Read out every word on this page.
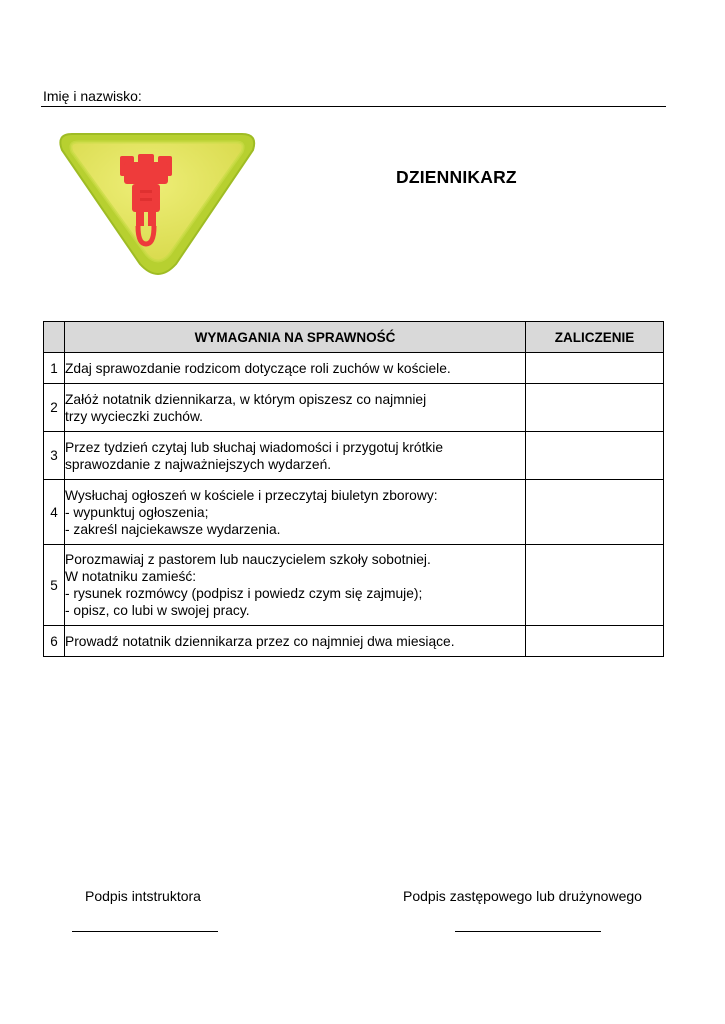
Imię i nazwisko:
DZIENNIKARZ
	WYMAGANIA NA SPRAWNOŚĆ	ZALICZENIE
1	Zdaj sprawozdanie rodzicom dotyczące roli zuchów w kościele.	

2	Załóż notatnik dziennikarza, w którym opiszesz co najmniej
trzy wycieczki zuchów.	

3	Przez tydzień czytaj lub słuchaj wiadomości i przygotuj krótkie
sprawozdanie z najważniejszych wydarzeń.	

4	Wysłuchaj ogłoszeń w kościele i przeczytaj biuletyn zborowy:
- wypunktuj ogłoszenia;
- zakreśl najciekawsze wydarzenia.	

5	Porozmawiaj z pastorem lub nauczycielem szkoły sobotniej.
W notatniku zamieść:
- rysunek rozmówcy (podpisz i powiedz czym się zajmuje);
- opisz, co lubi w swojej pracy.	

6	Prowadź notatnik dziennikarza przez co najmniej dwa miesiące.	

Podpis intstruktora	Podpis zastępowego lub drużynowego
